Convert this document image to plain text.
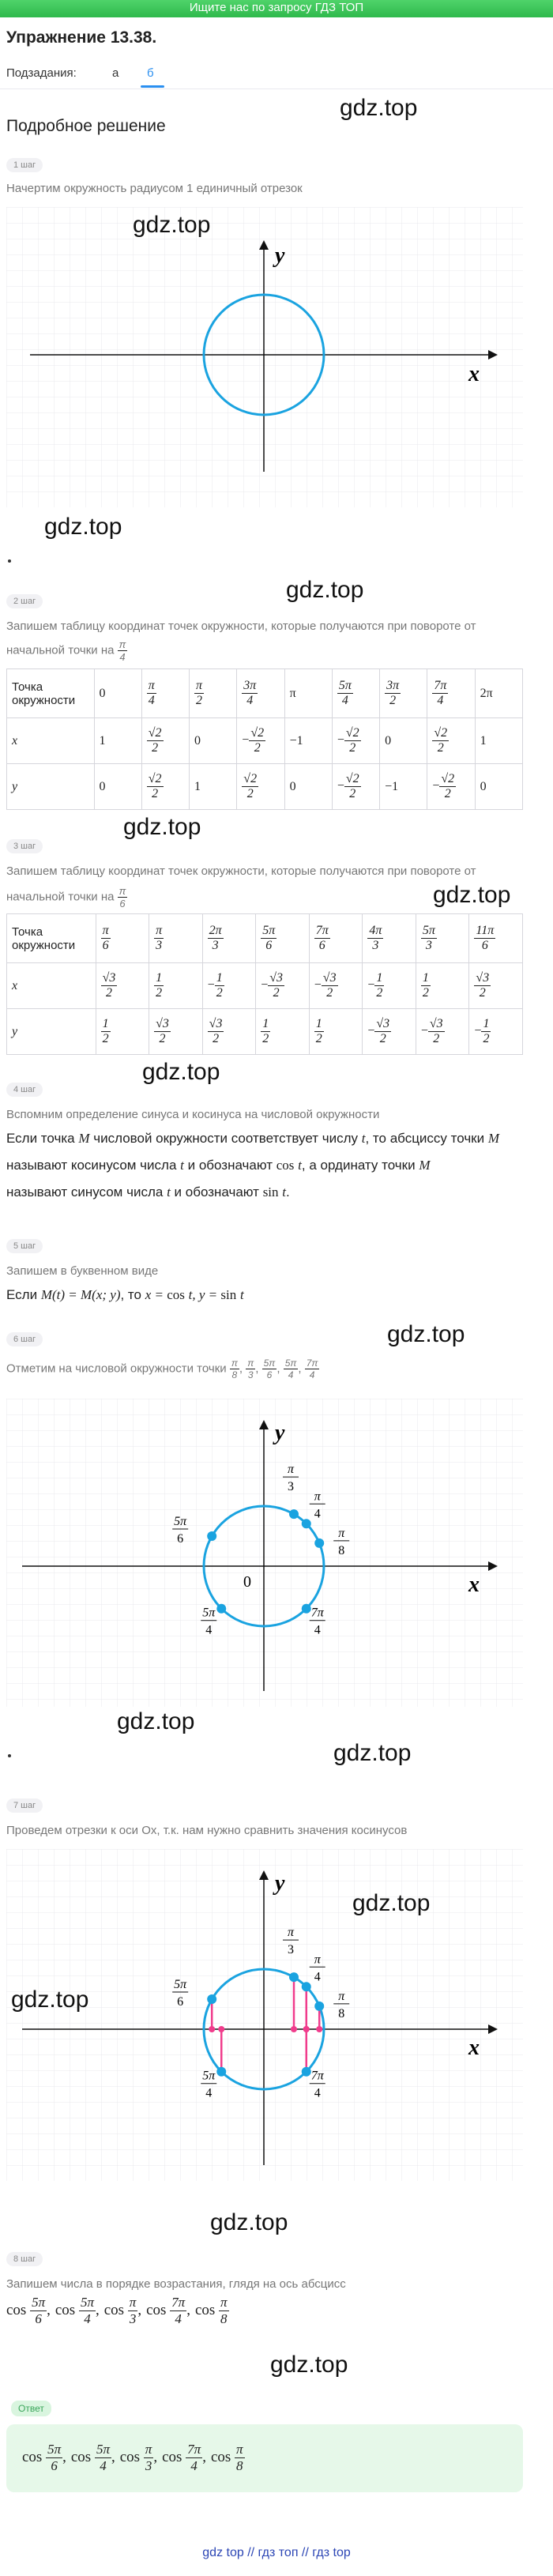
Ищите нас по запросу ГДЗ ТОП
Упражнение 13.38.
Подзадания:	а б
Подробное решение
gdz.top
1 шаг
Начертим окружность радиусом 1 единичный отрезок
y
x
gdz.top
gdz.top
gdz.top
2 шаг
Запишем таблицу координат точек окружности, которые получаются при повороте от
начальной точки на $\frac{\pi}{4}$
Точка окружности	0	$\frac{\pi}{4}$	$\frac{\pi}{2}$	$\frac{3\pi}{4}$	π	$\frac{5\pi}{4}$	$\frac{3\pi}{2}$	$\frac{7\pi}{4}$	2π
x	1	$\frac{√2}{2}$	0	− $\frac{√2}{2}$	−1	− $\frac{√2}{2}$	0	$\frac{√2}{2}$	1
y	0	$\frac{√2}{2}$	1	$\frac{√2}{2}$	0	− $\frac{√2}{2}$	−1	− $\frac{√2}{2}$	0
gdz.top
3 шаг
Запишем таблицу координат точек окружности, которые получаются при повороте от
начальной точки на $\frac{\pi}{6}$	gdz.top
Точка окружности	$\frac{\pi}{6}$	$\frac{\pi}{3}$	$\frac{2\pi}{3}$	$\frac{5\pi}{6}$	$\frac{7\pi}{6}$	$\frac{4\pi}{3}$	$\frac{5\pi}{3}$	$\frac{11\pi}{6}$

x	$\frac{√3}{2}$	$\frac{1}{2}$	− $\frac{1}{2}$	− $\frac{√3}{2}$	− $\frac{√3}{2}$	− $\frac{1}{2}$	$\frac{1}{2}$	$\frac{√3}{2}$

y	$\frac{1}{2}$	$\frac{√3}{2}$	$\frac{√3}{2}$	$\frac{1}{2}$	$\frac{1}{2}$	− $\frac{√3}{2}$	− $\frac{√3}{2}$	− $\frac{1}{2}$
gdz.top
4 шаг
Вспомним определение синуса и косинуса на числовой окружности
Если точка M числовой окружности соответствует числу t, то абсциссу точки M
называют косинусом числа t и обозначают cos t, а ординату точки M
называют синусом числа t и обозначают sin t.
5 шаг
Запишем в буквенном виде
Если M(t) = M(x; y), то x = cos t, y = sin t
gdz.top
6 шаг
Отметим на числовой окружности точки $\frac{\pi}{8}$ , $\frac{\pi}{3}$ , $\frac{5\pi}{6}$ , $\frac{5\pi}{4}$ , $\frac{7\pi}{4}$
y
x
0
5π
6
π
3
π
4
π
8
5π
4
7π
4
gdz.top
gdz.top
7 шаг
Проведем отрезки к оси Ox, т.к. нам нужно сравнить значения косинусов
y
x
5π
6
π
3
π
4
π
8
5π
4
7π
4
gdz.top
gdz.top
gdz.top
8 шаг
Запишем числа в порядке возрастания, глядя на ось абсцисс
$\cos \frac{5\pi}{6}$ , $\cos \frac{5\pi}{4}$ , $\cos \frac{\pi}{3}$ , $\cos \frac{7\pi}{4}$ , $\cos \frac{\pi}{8}$
gdz.top
Ответ
$\cos \frac{5\pi}{6}$ , $\cos \frac{5\pi}{4}$ , $\cos \frac{\pi}{3}$ , $\cos \frac{7\pi}{4}$ , $\cos \frac{\pi}{8}$
gdz top // гдз топ // гдз top
